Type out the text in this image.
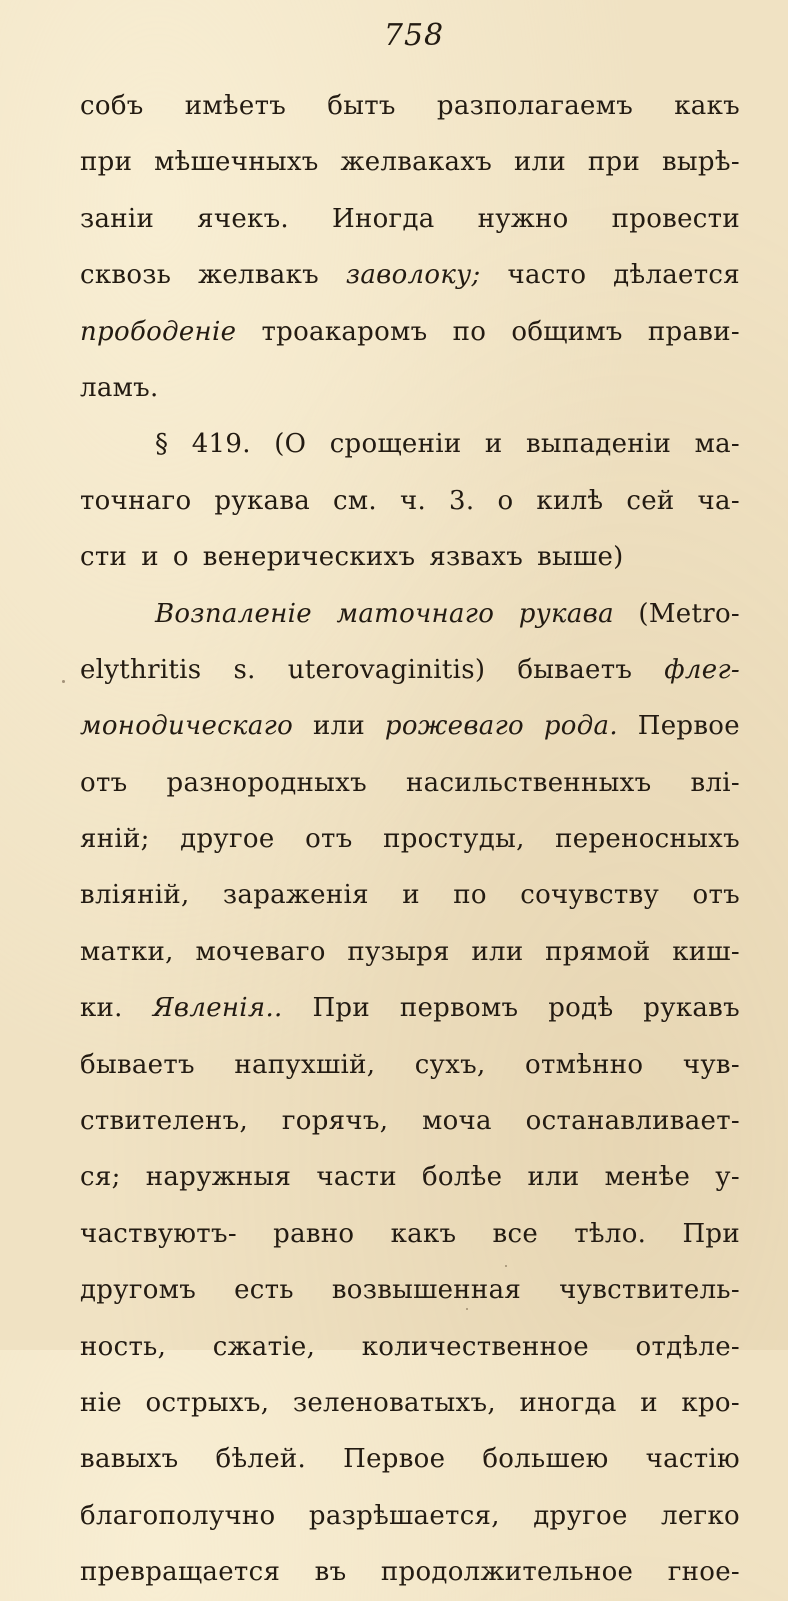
758
собъ имѣетъ бытъ разполагаемъ какъ
при мѣшечныхъ желвакахъ или при вырѣ-
заніи ячекъ. Иногда нужно провести
сквозь желвакъ заволоку; часто дѣлается
прободеніе троакаромъ по общимъ прави-
ламъ.
§ 419. (О срощеніи и выпаденіи ма-
точнаго рукава см. ч. 3. о килѣ сей ча-
сти и о венерическихъ язвахъ выше)
Возпаленіе маточнаго рукава (Metro-
elythritis s. uterovaginitis) бываетъ флег-
монодическаго или рожеваго рода. Первое
отъ разнородныхъ насильственныхъ влі-
яній; другое отъ простуды, переносныхъ
вліяній, зараженія и по сочувству отъ
матки, мочеваго пузыря или прямой киш-
ки. Явленія.. При первомъ родѣ рукавъ
бываетъ напухшій, сухъ, отмѣнно чув-
ствителенъ, горячъ, моча останавливает-
ся; наружныя части болѣе или менѣе у-
частвуютъ- равно какъ все тѣло. При
другомъ есть возвышенная чувствитель-
ность, сжатіе, количественное отдѣле-
ніе острыхъ, зеленоватыхъ, иногда и кро-
вавыхъ бѣлей. Первое большею частію
благополучно разрѣшается, другое легко
превращается въ продолжительное гное-
